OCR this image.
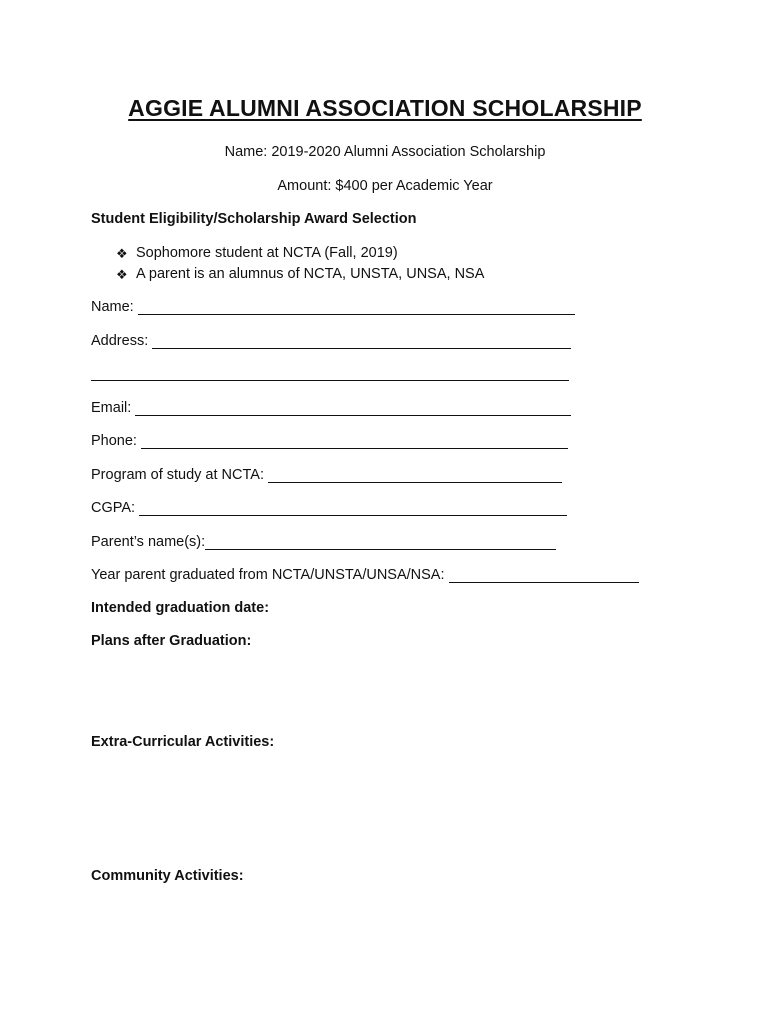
AGGIE ALUMNI ASSOCIATION SCHOLARSHIP
Name: 2019-2020 Alumni Association Scholarship
Amount: $400 per Academic Year
Student Eligibility/Scholarship Award Selection
❖ Sophomore student at NCTA (Fall, 2019)
❖ A parent is an alumnus of NCTA, UNSTA, UNSA, NSA
Name:
Address:
Email:
Phone:
Program of study at NCTA:
CGPA:
Parent’s name(s):
Year parent graduated from NCTA/UNSTA/UNSA/NSA:
Intended graduation date:
Plans after Graduation:
Extra-Curricular Activities:
Community Activities:
